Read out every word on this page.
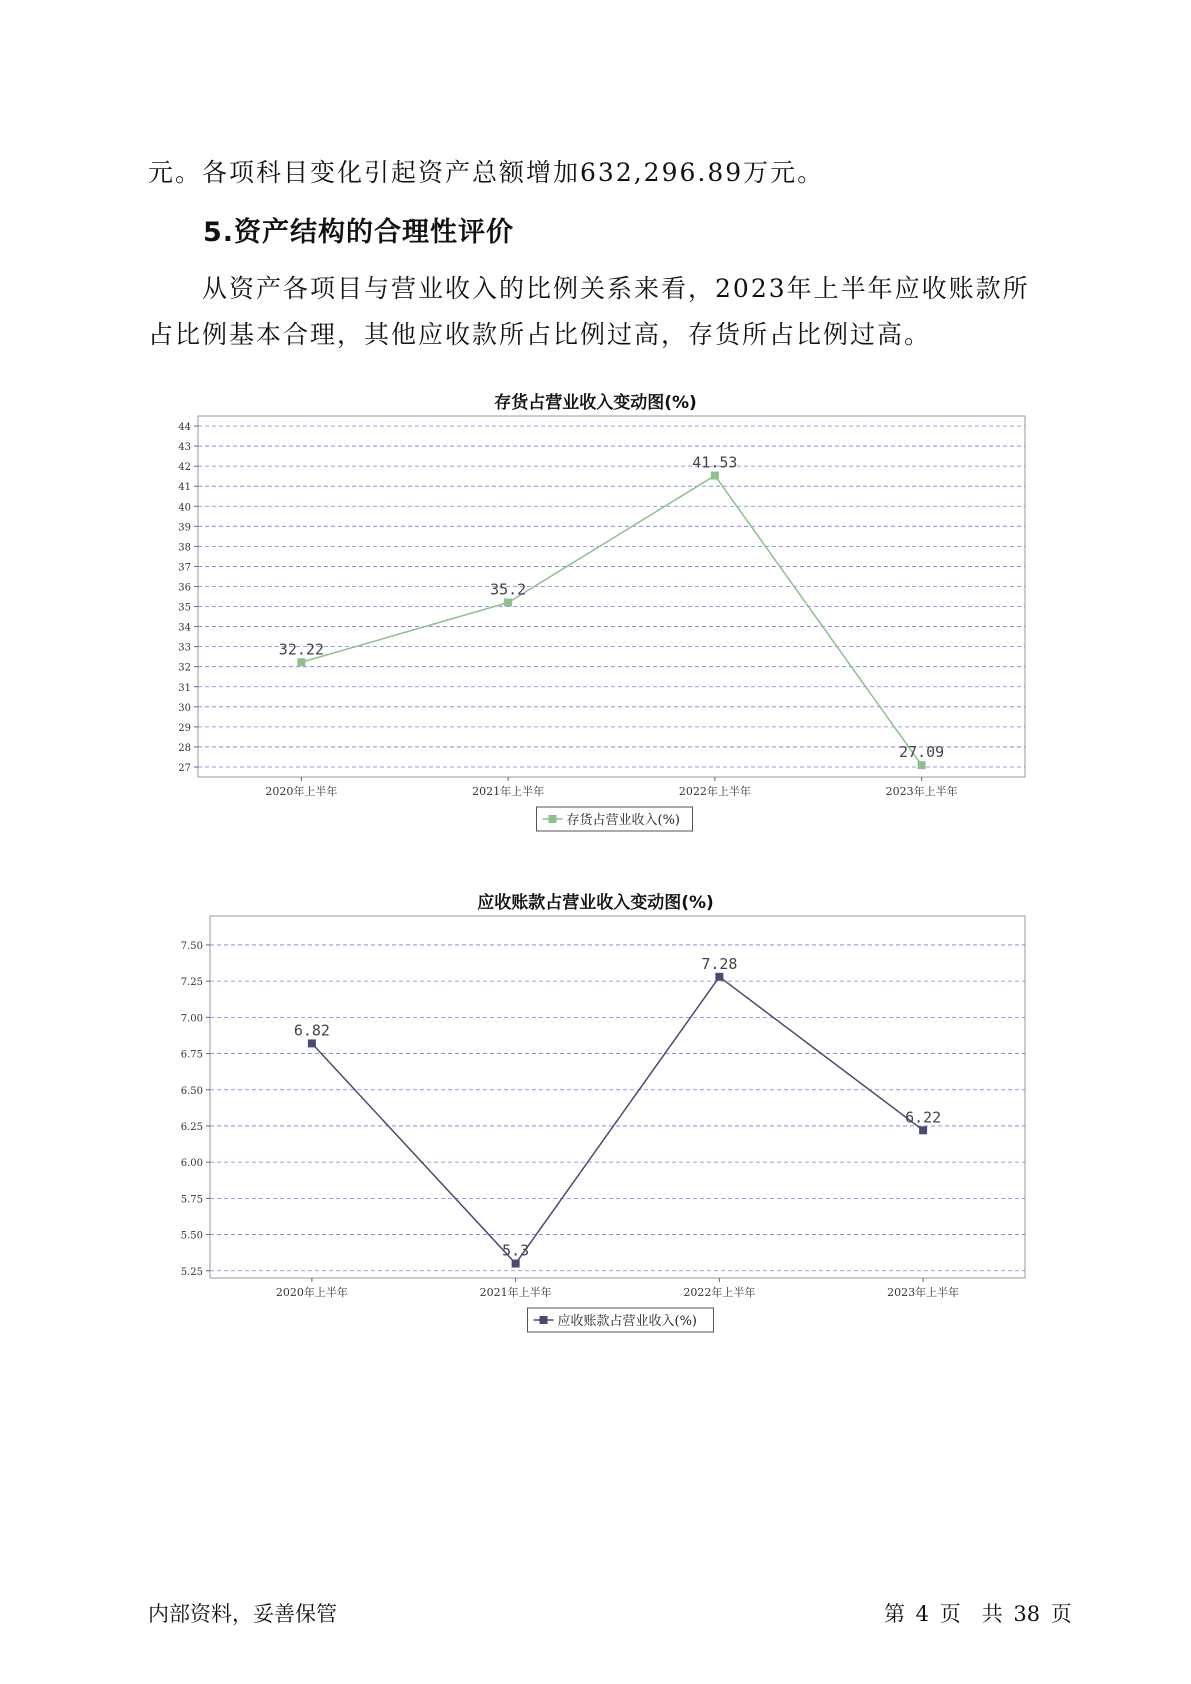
元。各项科目变化引起资产总额增加632,296.89万元。

5.资产结构的合理性评价

从资产各项目与营业收入的比例关系来看，2023年上半年应收账款所占比例基本合理，其他应收款所占比例过高，存货所占比例过高。

存货占营业收入变动图(%)
27
28
29
30
31
32
33
34
35
36
37
38
39
40
41
42
43
44
2020年上半年	2021年上半年	2022年上半年	2023年上半年
32.22
35.2
41.53
27.09
存货占营业收入(%)
应收账款占营业收入变动图(%)
5.25
5.50
5.75
6.00
6.25
6.50
6.75
7.00
7.25
7.50
2020年上半年	2021年上半年	2022年上半年	2023年上半年
6.82
5.3
7.28
6.22
应收账款占营业收入(%)

内部资料，妥善保管	第 4 页　共 38 页
